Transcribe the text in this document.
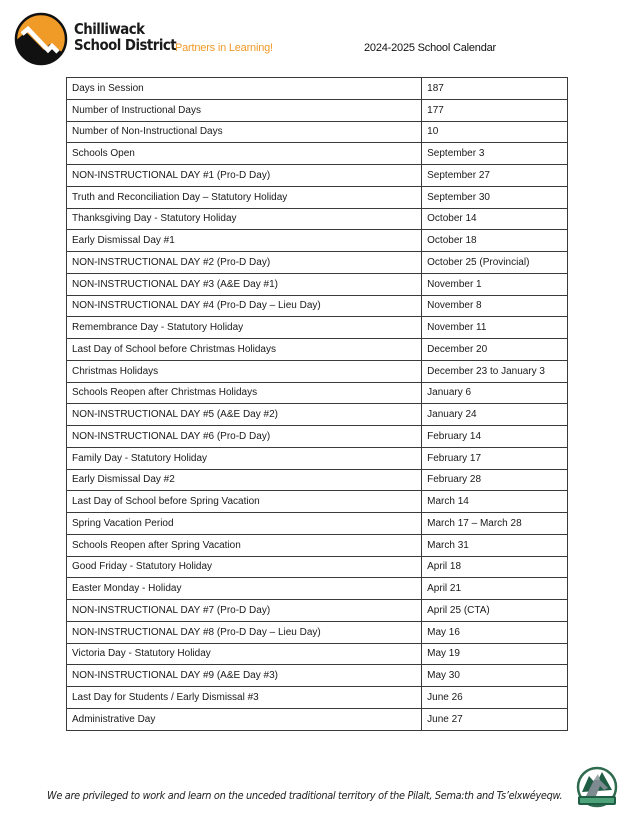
Chilliwack
School District
Partners in Learning!	2024-2025 School Calendar
Days in Session	187
Number of Instructional Days	177
Number of Non-Instructional Days	10
Schools Open	September 3
NON-INSTRUCTIONAL DAY #1 (Pro-D Day)	September 27
Truth and Reconciliation Day – Statutory Holiday	September 30
Thanksgiving Day - Statutory Holiday	October 14
Early Dismissal Day #1	October 18
NON-INSTRUCTIONAL DAY #2 (Pro-D Day)	October 25 (Provincial)
NON-INSTRUCTIONAL DAY #3 (A&E Day #1)	November 1
NON-INSTRUCTIONAL DAY #4 (Pro-D Day – Lieu Day)	November 8
Remembrance Day - Statutory Holiday	November 11
Last Day of School before Christmas Holidays	December 20
Christmas Holidays	December 23 to January 3
Schools Reopen after Christmas Holidays	January 6
NON-INSTRUCTIONAL DAY #5 (A&E Day #2)	January 24
NON-INSTRUCTIONAL DAY #6 (Pro-D Day)	February 14
Family Day - Statutory Holiday	February 17
Early Dismissal Day #2	February 28
Last Day of School before Spring Vacation	March 14
Spring Vacation Period	March 17 – March 28
Schools Reopen after Spring Vacation	March 31
Good Friday - Statutory Holiday	April 18
Easter Monday - Holiday	April 21
NON-INSTRUCTIONAL DAY #7 (Pro-D Day)	April 25 (CTA)
NON-INSTRUCTIONAL DAY #8 (Pro-D Day – Lieu Day)	May 16
Victoria Day - Statutory Holiday	May 19
NON-INSTRUCTIONAL DAY #9 (A&E Day #3)	May 30
Last Day for Students / Early Dismissal #3	June 26
Administrative Day	June 27
We are privileged to work and learn on the unceded traditional territory of the Pilalt, Sema:th and Ts’elxwéyeqw.
